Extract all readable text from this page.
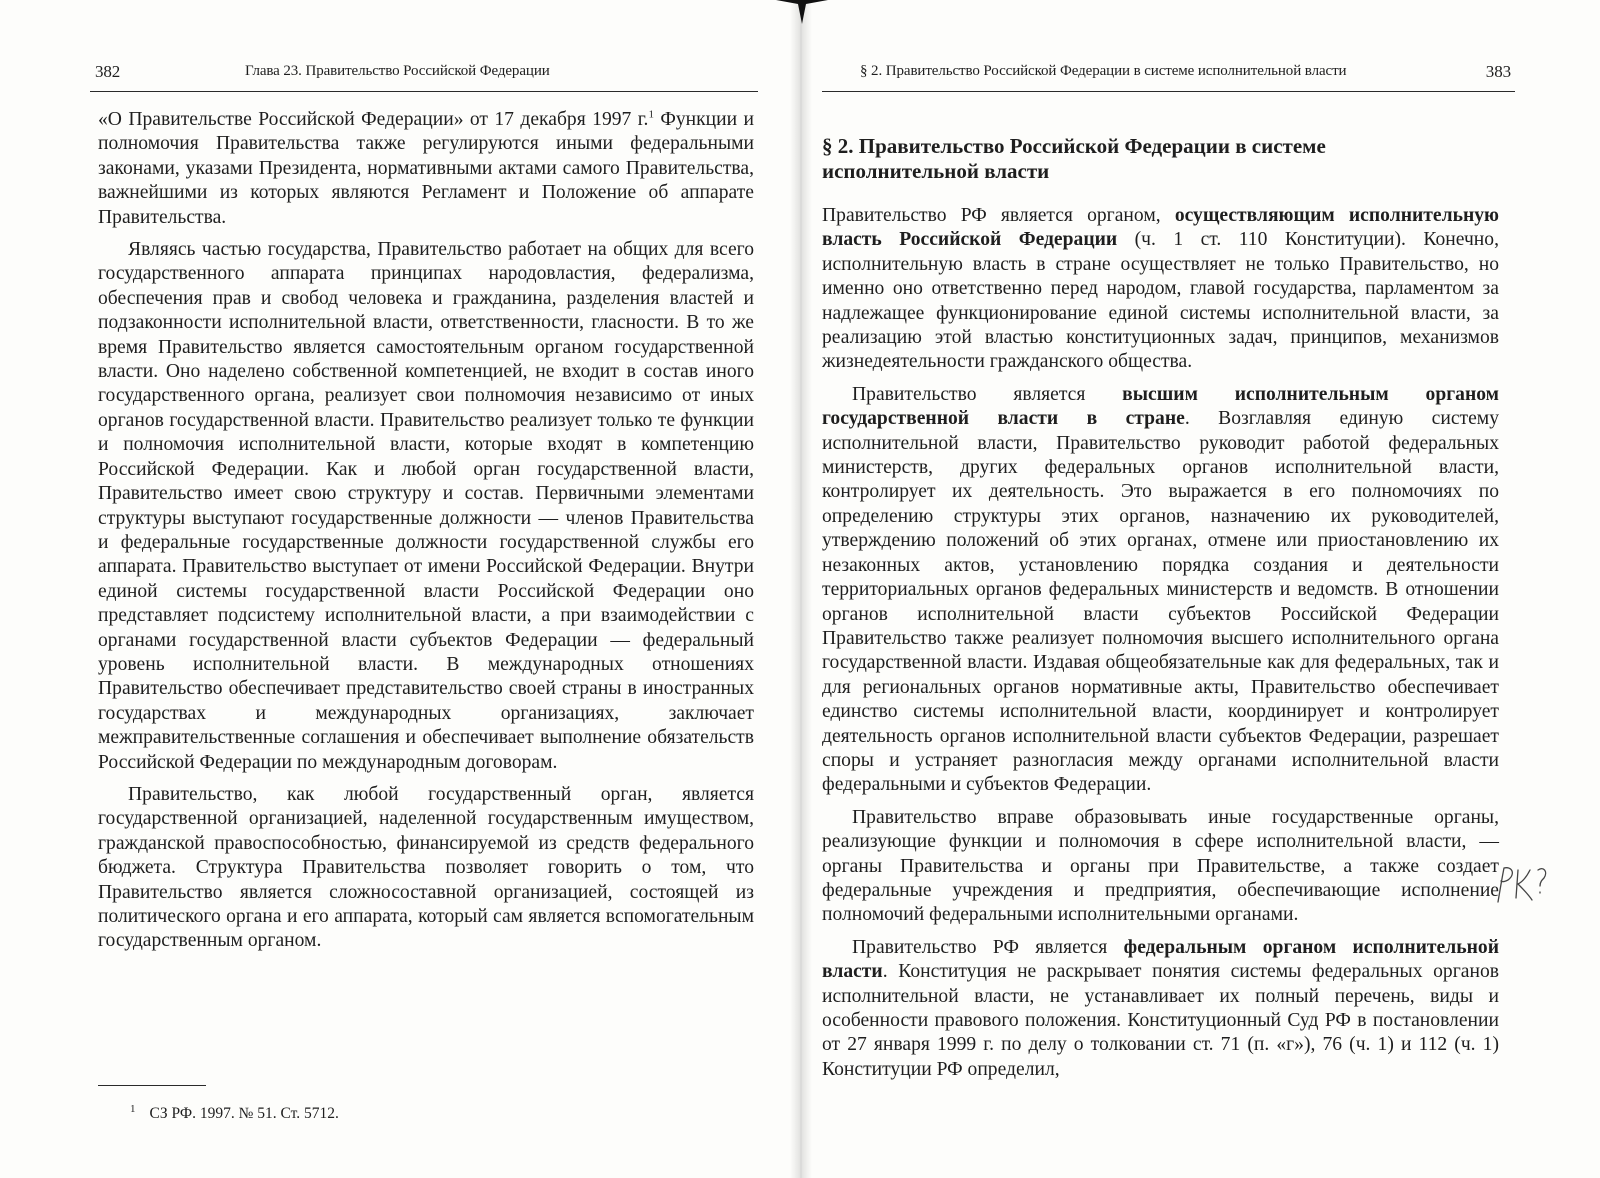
382	Глава 23. Правительство Российской Федерации

«О Правительстве Российской Федерации» от 17 декабря 1997 г.$^1$ Функции и полномочия Правительства также регулируются иными федеральными законами, указами Президента, нормативными актами самого Правительства, важнейшими из которых являются Регламент и Положение об аппарате Правительства.

Являясь частью государства, Правительство работает на общих для всего государственного аппарата принципах народовластия, федерализма, обеспечения прав и свобод человека и гражданина, разделения властей и подзаконности исполнительной власти, ответственности, гласности. В то же время Правительство является самостоятельным органом государственной власти. Оно наделено собственной компетенцией, не входит в состав иного государственного органа, реализует свои полномочия независимо от иных органов государственной власти. Правительство реализует только те функции и полномочия исполнительной власти, которые входят в компетенцию Российской Федерации. Как и любой орган государственной власти, Правительство имеет свою структуру и состав. Первичными элементами структуры выступают государственные должности — членов Правительства и федеральные государственные должности государственной службы его аппарата. Правительство выступает от имени Российской Федерации. Внутри единой системы государственной власти Российской Федерации оно представляет подсистему исполнительной власти, а при взаимодействии с органами государственной власти субъектов Федерации — федеральный уровень исполнительной власти. В международных отношениях Правительство обеспечивает представительство своей страны в иностранных государствах и международных организациях, заключает межправительственные соглашения и обеспечивает выполнение обязательств Российской Федерации по международным договорам.

Правительство, как любой государственный орган, является государственной организацией, наделенной государственным имуществом, гражданской правоспособностью, финансируемой из средств федерального бюджета. Структура Правительства позволяет говорить о том, что Правительство является сложносоставной организацией, состоящей из политического органа и его аппарата, который сам является вспомогательным государственным органом.

$^1$ СЗ РФ. 1997. № 51. Ст. 5712.
§ 2. Правительство Российской Федерации в системе исполнительной власти	383
§ 2. Правительство Российской Федерации в системе исполнительной власти

Правительство РФ является органом, осуществляющим исполнительную власть Российской Федерации (ч. 1 ст. 110 Конституции). Конечно, исполнительную власть в стране осуществляет не только Правительство, но именно оно ответственно перед народом, главой государства, парламентом за надлежащее функционирование единой системы исполнительной власти, за реализацию этой властью конституционных задач, принципов, механизмов жизнедеятельности гражданского общества.

Правительство является высшим исполнительным органом государственной власти в стране. Возглавляя единую систему исполнительной власти, Правительство руководит работой федеральных министерств, других федеральных органов исполнительной власти, контролирует их деятельность. Это выражается в его полномочиях по определению структуры этих органов, назначению их руководителей, утверждению положений об этих органах, отмене или приостановлению их незаконных актов, установлению порядка создания и деятельности территориальных органов федеральных министерств и ведомств. В отношении органов исполнительной власти субъектов Российской Федерации Правительство также реализует полномочия высшего исполнительного органа государственной власти. Издавая общеобязательные как для федеральных, так и для региональных органов нормативные акты, Правительство обеспечивает единство системы исполнительной власти, координирует и контролирует деятельность органов исполнительной власти субъектов Федерации, разрешает споры и устраняет разногласия между органами исполнительной власти федеральными и субъектов Федерации.

Правительство вправе образовывать иные государственные органы, реализующие функции и полномочия в сфере исполнительной власти, — органы Правительства и органы при Правительстве, а также создает федеральные учреждения и предприятия, обеспечивающие исполнение полномочий федеральными исполнительными органами.

Правительство РФ является федеральным органом исполнительной власти. Конституция не раскрывает понятия системы федеральных органов исполнительной власти, не устанавливает их полный перечень, виды и особенности правового положения. Конституционный Суд РФ в постановлении от 27 января 1999 г. по делу о толковании ст. 71 (п. «г»), 76 (ч. 1) и 112 (ч. 1) Конституции РФ определил,
